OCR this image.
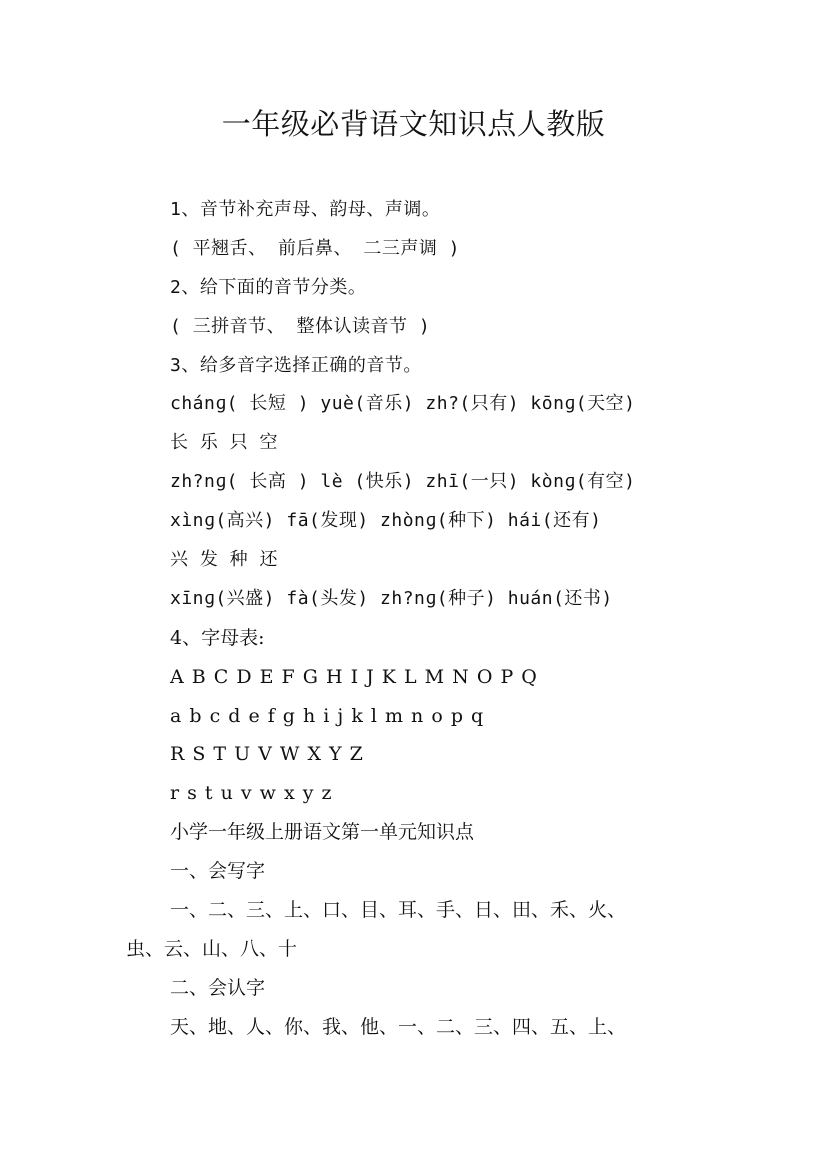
一年级必背语文知识点人教版
1、音节补充声母、韵母、声调。
( 平翘舌、 前后鼻、 二三声调 )
2、给下面的音节分类。
( 三拼音节、 整体认读音节 )
3、给多音字选择正确的音节。
chánɡ( 长短 ) yuè(音乐) zh?(只有) kōnɡ(天空)
长 乐 只 空
zh?nɡ( 长高 ) lè (快乐) zhī(一只) kònɡ(有空)
xìnɡ(高兴) fā(发现) zhònɡ(种下) hái(还有)
兴 发 种 还
xīnɡ(兴盛) fà(头发) zh?nɡ(种子) huán(还书)
4、字母表:
A B C D E F G H I J K L M N O P Q
a b c d e f g h i j k l m n o p q
R S T U V W X Y Z
r s t u v w x y z
小学一年级上册语文第一单元知识点
一、会写字
一、二、三、上、口、目、耳、手、日、田、禾、火、
虫、云、山、八、十
二、会认字
天、地、人、你、我、他、一、二、三、四、五、上、
